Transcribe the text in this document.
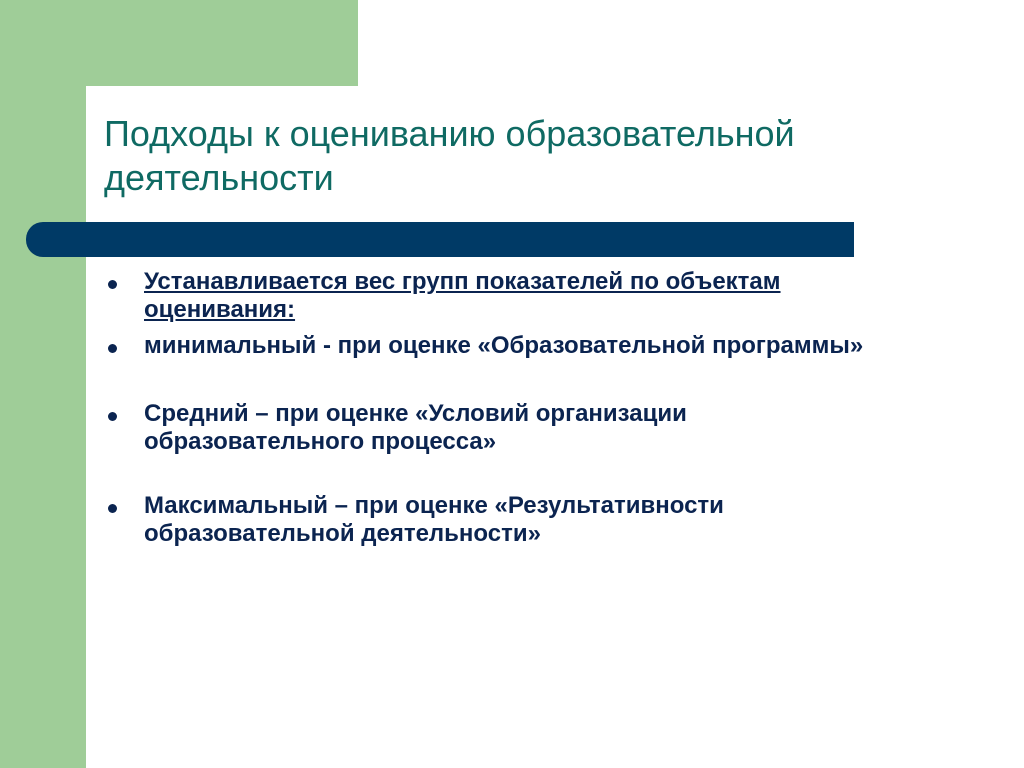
Подходы к оцениванию образовательной
деятельности
Устанавливается вес групп показателей по объектам оценивания:
минимальный - при оценке «Образовательной программы»
Средний – при оценке «Условий организации образовательного процесса»
Максимальный – при оценке «Результативности образовательной деятельности»
